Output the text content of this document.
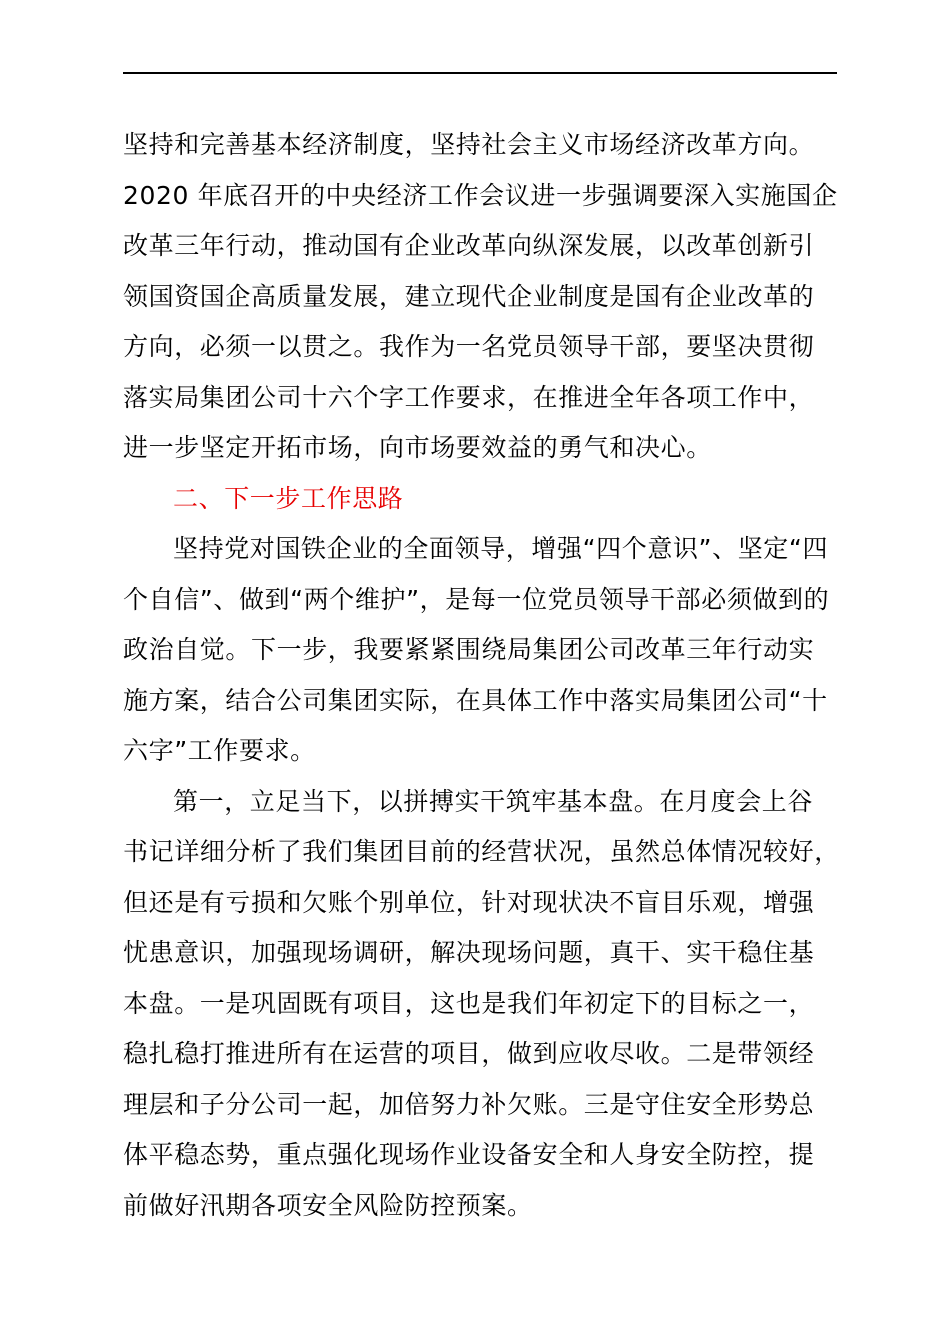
坚持和完善基本经济制度，坚持社会主义市场经济改革方向。
2020 年底召开的中央经济工作会议进一步强调要深入实施国企
改革三年行动，推动国有企业改革向纵深发展，以改革创新引
领国资国企高质量发展，建立现代企业制度是国有企业改革的
方向，必须一以贯之。我作为一名党员领导干部，要坚决贯彻
落实局集团公司十六个字工作要求，在推进全年各项工作中，
进一步坚定开拓市场，向市场要效益的勇气和决心。
二、下一步工作思路
坚持党对国铁企业的全面领导，增强“四个意识”、坚定“四
个自信”、做到“两个维护”，是每一位党员领导干部必须做到的
政治自觉。下一步，我要紧紧围绕局集团公司改革三年行动实
施方案，结合公司集团实际，在具体工作中落实局集团公司“十
六字”工作要求。
第一，立足当下，以拼搏实干筑牢基本盘。在月度会上谷
书记详细分析了我们集团目前的经营状况，虽然总体情况较好，
但还是有亏损和欠账个别单位，针对现状决不盲目乐观，增强
忧患意识，加强现场调研，解决现场问题，真干、实干稳住基
本盘。一是巩固既有项目，这也是我们年初定下的目标之一，
稳扎稳打推进所有在运营的项目，做到应收尽收。二是带领经
理层和子分公司一起，加倍努力补欠账。三是守住安全形势总
体平稳态势，重点强化现场作业设备安全和人身安全防控，提
前做好汛期各项安全风险防控预案。
